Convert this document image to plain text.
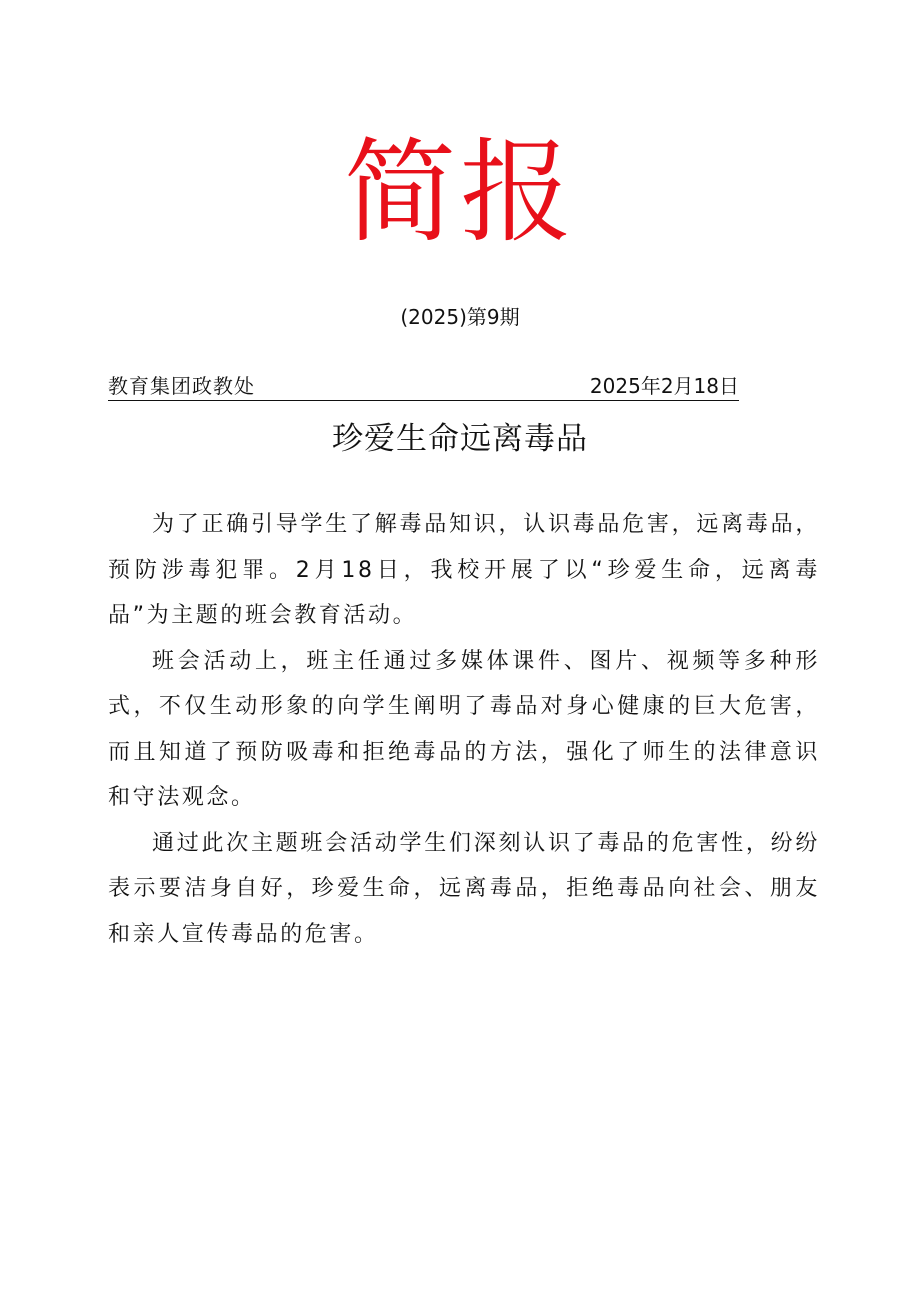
简报
(2025)第9期
教育集团政教处	2025年2月18日
珍爱生命远离毒品

为了正确引导学生了解毒品知识，认识毒品危害，远离毒品，预防涉毒犯罪。2月18日，我校开展了以“珍爱生命，远离毒品”为主题的班会教育活动。

班会活动上，班主任通过多媒体课件、图片、视频等多种形式，不仅生动形象的向学生阐明了毒品对身心健康的巨大危害，而且知道了预防吸毒和拒绝毒品的方法，强化了师生的法律意识和守法观念。

通过此次主题班会活动学生们深刻认识了毒品的危害性，纷纷表示要洁身自好，珍爱生命，远离毒品，拒绝毒品向社会、朋友和亲人宣传毒品的危害。
